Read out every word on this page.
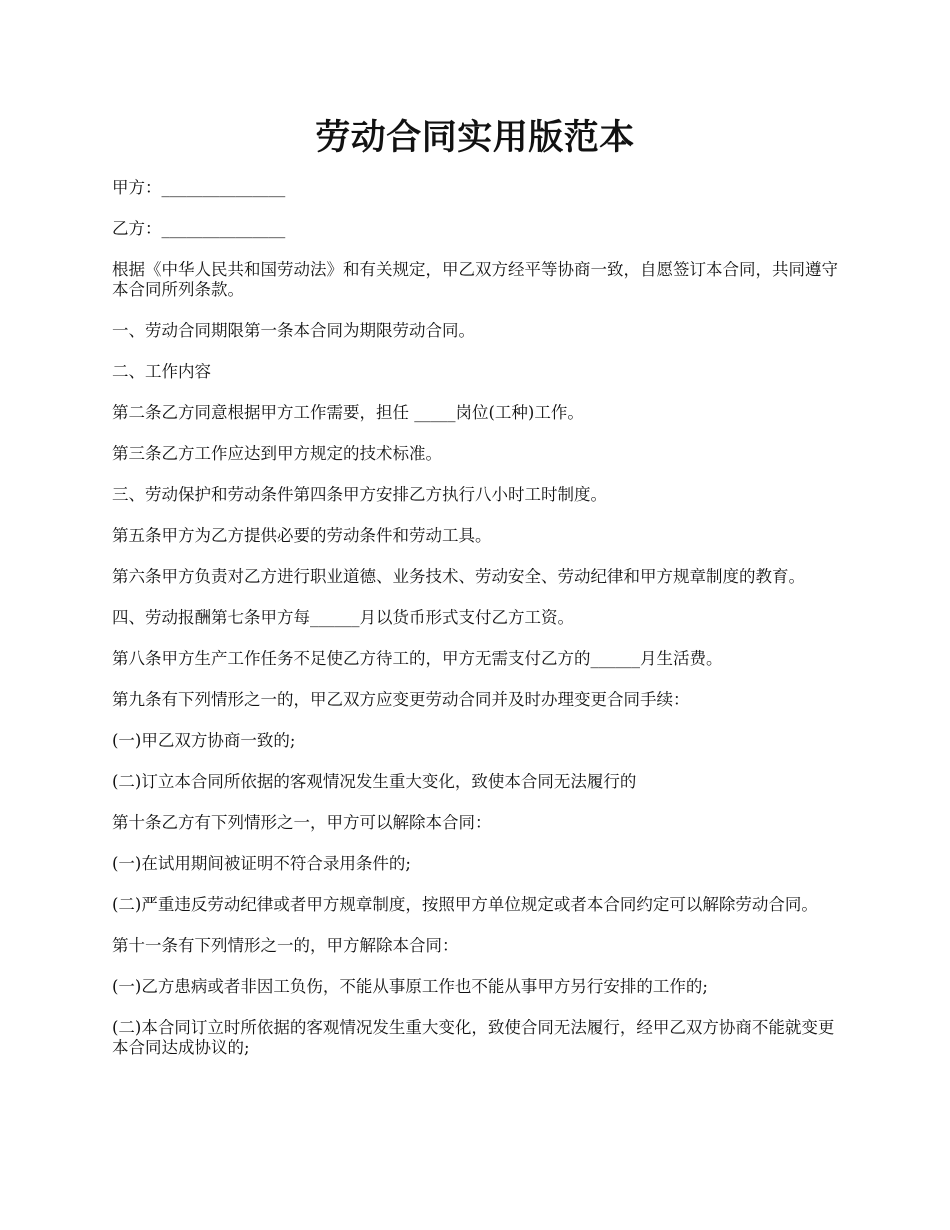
劳动合同实用版范本

甲方：_______________

乙方：_______________

根据《中华人民共和国劳动法》和有关规定，甲乙双方经平等协商一致，自愿签订本合同，共同遵守本合同所列条款。

一、劳动合同期限第一条本合同为期限劳动合同。

二、工作内容

第二条乙方同意根据甲方工作需要，担任 _____岗位(工种)工作。

第三条乙方工作应达到甲方规定的技术标准。

三、劳动保护和劳动条件第四条甲方安排乙方执行八小时工时制度。

第五条甲方为乙方提供必要的劳动条件和劳动工具。

第六条甲方负责对乙方进行职业道德、业务技术、劳动安全、劳动纪律和甲方规章制度的教育。

四、劳动报酬第七条甲方每______月以货币形式支付乙方工资。

第八条甲方生产工作任务不足使乙方待工的，甲方无需支付乙方的______月生活费。

第九条有下列情形之一的，甲乙双方应变更劳动合同并及时办理变更合同手续：

(一)甲乙双方协商一致的;

(二)订立本合同所依据的客观情况发生重大变化，致使本合同无法履行的

第十条乙方有下列情形之一，甲方可以解除本合同：

(一)在试用期间被证明不符合录用条件的;

(二)严重违反劳动纪律或者甲方规章制度，按照甲方单位规定或者本合同约定可以解除劳动合同。

第十一条有下列情形之一的，甲方解除本合同：

(一)乙方患病或者非因工负伤，不能从事原工作也不能从事甲方另行安排的工作的;

(二)本合同订立时所依据的客观情况发生重大变化，致使合同无法履行，经甲乙双方协商不能就变更本合同达成协议的;
